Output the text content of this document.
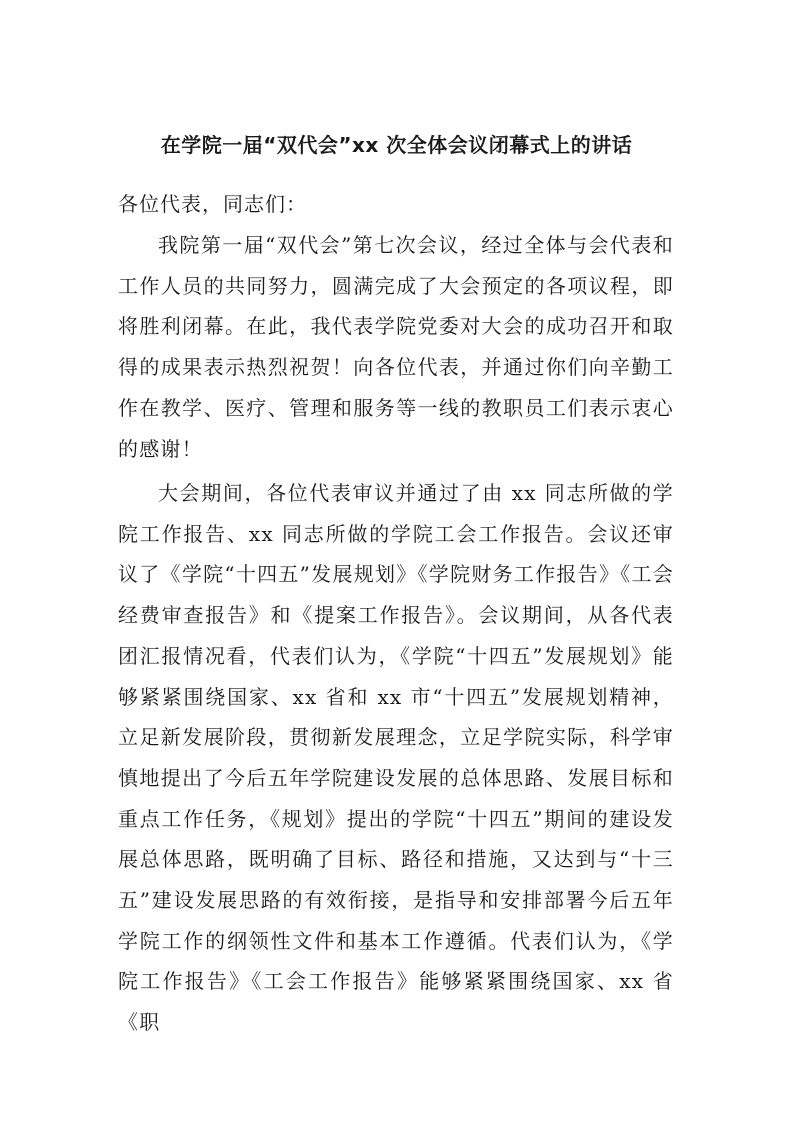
在学院一届“双代会”xx 次全体会议闭幕式上的讲话

各位代表，同志们：

我院第一届“双代会”第七次会议，经过全体与会代表和工作人员的共同努力，圆满完成了大会预定的各项议程，即将胜利闭幕。在此，我代表学院党委对大会的成功召开和取得的成果表示热烈祝贺！向各位代表，并通过你们向辛勤工作在教学、医疗、管理和服务等一线的教职员工们表示衷心的感谢！

大会期间，各位代表审议并通过了由 xx 同志所做的学院工作报告、xx 同志所做的学院工会工作报告。会议还审议了《学院“十四五”发展规划》《学院财务工作报告》《工会经费审查报告》和《提案工作报告》。会议期间，从各代表团汇报情况看，代表们认为，《学院“十四五”发展规划》能够紧紧围绕国家、xx 省和 xx 市“十四五”发展规划精神，立足新发展阶段，贯彻新发展理念，立足学院实际，科学审慎地提出了今后五年学院建设发展的总体思路、发展目标和重点工作任务，《规划》提出的学院“十四五”期间的建设发展总体思路，既明确了目标、路径和措施，又达到与“十三五”建设发展思路的有效衔接，是指导和安排部署今后五年学院工作的纲领性文件和基本工作遵循。代表们认为，《学院工作报告》《工会工作报告》能够紧紧围绕国家、xx 省《职
